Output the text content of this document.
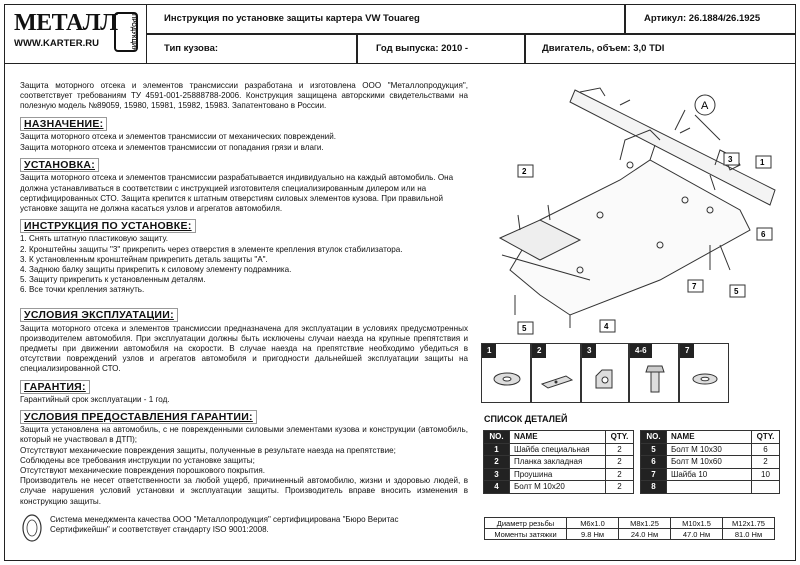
МЕТАЛЛ
WWW.KARTER.RU	ПРОДУКЦИЯ	Инструкция по установке защиты картера VW Touareg	Артикул: 26.1884/26.1925
Тип кузова:	Год выпуска: 2010 -	Двигатель, объем: 3,0 TDI
Защита моторного отсека и элементов трансмиссии разработана и изготовлена ООО "Металлопродукция", соответствует требованиям ТУ 4591-001-25888788-2006. Конструкция защищена авторскими свидетельствами на полезную модель №89059, 15980, 15981, 15982, 15983. Запатентовано в России.
НАЗНАЧЕНИЕ:
Защита моторного отсека и элементов трансмиссии от механических повреждений.
Защита моторного отсека и элементов трансмиссии от попадания грязи и влаги.
УСТАНОВКА:
Защита моторного отсека и элементов трансмиссии разрабатывается индивидуально на каждый автомобиль. Она должна устанавливаться в соответствии с инструкцией изготовителя специализированным дилером или на сертифицированных СТО. Защита крепится к штатным отверстиям силовых элементов кузова. При правильной установке защита не должна касаться узлов и агрегатов автомобиля.
ИНСТРУКЦИЯ ПО УСТАНОВКЕ:
1. Снять штатную пластиковую защиту.
2. Кронштейны защиты "3" прикрепить через отверстия в элементе крепления втулок стабилизатора.
3. К установленным кронштейнам прикрепить деталь защиты "А".
4. Заднюю балку защиты прикрепить к силовому элементу подрамника.
5. Защиту прикрепить к установленным деталям.
6. Все точки крепления затянуть.
УСЛОВИЯ ЭКСПЛУАТАЦИИ:
Защита моторного отсека и элементов трансмиссии предназначена для эксплуатации в условиях предусмотренных производителем автомобиля. При эксплуатации должны быть исключены случаи наезда на крупные препятствия и предметы при движении автомобиля на скорости. В случае наезда на препятствие необходимо убедиться в отсутствии повреждений узлов и агрегатов автомобиля и пригодности дальнейшей эксплуатации защиты на специализированной СТО.
ГАРАНТИЯ:
Гарантийный срок эксплуатации - 1 год.
УСЛОВИЯ ПРЕДОСТАВЛЕНИЯ ГАРАНТИИ:
Защита установлена на автомобиль, с не поврежденными силовыми элементами кузова и конструкции (автомобиль, который не участвовал в ДТП);
Отсутствуют механические повреждения защиты, полученные в результате наезда на препятствие;
Соблюдены все требования инструкции по установке защиты;
Отсутствуют механические повреждения порошкового покрытия.
Производитель не несет ответственности за любой ущерб, причиненный автомобилю, жизни и здоровью людей, в случае нарушения условий установки и эксплуатации защиты. Производитель вправе вносить изменения в конструкцию защиты.
Система менеджмента качества ООО "Металлопродукция" сертифицирована "Бюро Веритас
Сертификейшн" и соответствует стандарту ISO 9001:2008.
A
1
2
3
4
5
5
6
7
1	2	3	4-6	7
СПИСОК ДЕТАЛЕЙ
NO.	NAME	QTY.
1	Шайба специальная	2
2	Планка закладная	2
3	Проушина	2
4	Болт М 10х20	2
NO.	NAME	QTY.
5	Болт М 10х30	6
6	Болт М 10х60	2
7	Шайба 10	10
8		
Диаметр резьбы	M6x1.0	M8x1.25	M10x1.5	M12x1.75
Моменты затяжки	9.8 Нм	24.0 Нм	47.0 Нм	81.0 Нм
